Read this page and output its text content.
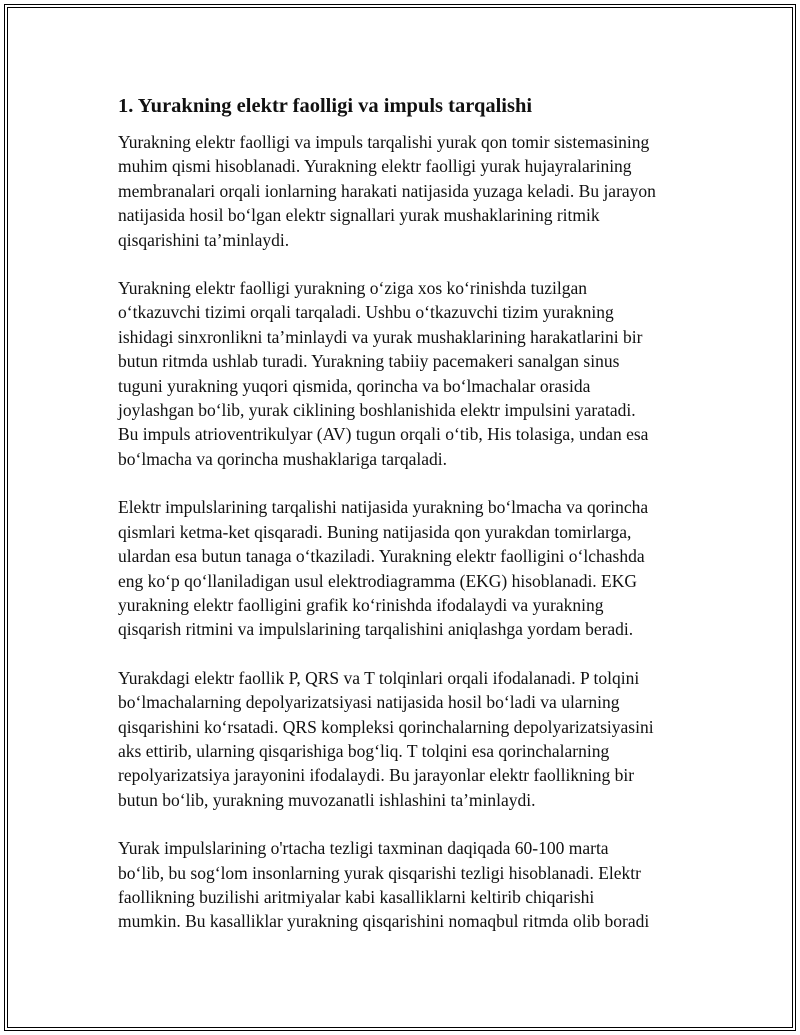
1. Yurakning elektr faolligi va impuls tarqalishi
Yurakning elektr faolligi va impuls tarqalishi yurak qon tomir sistemasining
muhim qismi hisoblanadi. Yurakning elektr faolligi yurak hujayralarining
membranalari orqali ionlarning harakati natijasida yuzaga keladi. Bu jarayon
natijasida hosil bo‘lgan elektr signallari yurak mushaklarining ritmik
qisqarishini ta’minlaydi.
Yurakning elektr faolligi yurakning o‘ziga xos ko‘rinishda tuzilgan
o‘tkazuvchi tizimi orqali tarqaladi. Ushbu o‘tkazuvchi tizim yurakning
ishidagi sinxronlikni ta’minlaydi va yurak mushaklarining harakatlarini bir
butun ritmda ushlab turadi. Yurakning tabiiy pacemakeri sanalgan sinus
tuguni yurakning yuqori qismida, qorincha va bo‘lmachalar orasida
joylashgan bo‘lib, yurak ciklining boshlanishida elektr impulsini yaratadi.
Bu impuls atrioventrikulyar (AV) tugun orqali o‘tib, His tolasiga, undan esa
bo‘lmacha va qorincha mushaklariga tarqaladi.
Elektr impulslarining tarqalishi natijasida yurakning bo‘lmacha va qorincha
qismlari ketma-ket qisqaradi. Buning natijasida qon yurakdan tomirlarga,
ulardan esa butun tanaga o‘tkaziladi. Yurakning elektr faolligini o‘lchashda
eng ko‘p qo‘llaniladigan usul elektrodiagramma (EKG) hisoblanadi. EKG
yurakning elektr faolligini grafik ko‘rinishda ifodalaydi va yurakning
qisqarish ritmini va impulslarining tarqalishini aniqlashga yordam beradi.
Yurakdagi elektr faollik P, QRS va T tolqinlari orqali ifodalanadi. P tolqini
bo‘lmachalarning depolyarizatsiyasi natijasida hosil bo‘ladi va ularning
qisqarishini ko‘rsatadi. QRS kompleksi qorinchalarning depolyarizatsiyasini
aks ettirib, ularning qisqarishiga bog‘liq. T tolqini esa qorinchalarning
repolyarizatsiya jarayonini ifodalaydi. Bu jarayonlar elektr faollikning bir
butun bo‘lib, yurakning muvozanatli ishlashini ta’minlaydi.
Yurak impulslarining o'rtacha tezligi taxminan daqiqada 60-100 marta
bo‘lib, bu sog‘lom insonlarning yurak qisqarishi tezligi hisoblanadi. Elektr
faollikning buzilishi aritmiyalar kabi kasalliklarni keltirib chiqarishi
mumkin. Bu kasalliklar yurakning qisqarishini nomaqbul ritmda olib boradi
